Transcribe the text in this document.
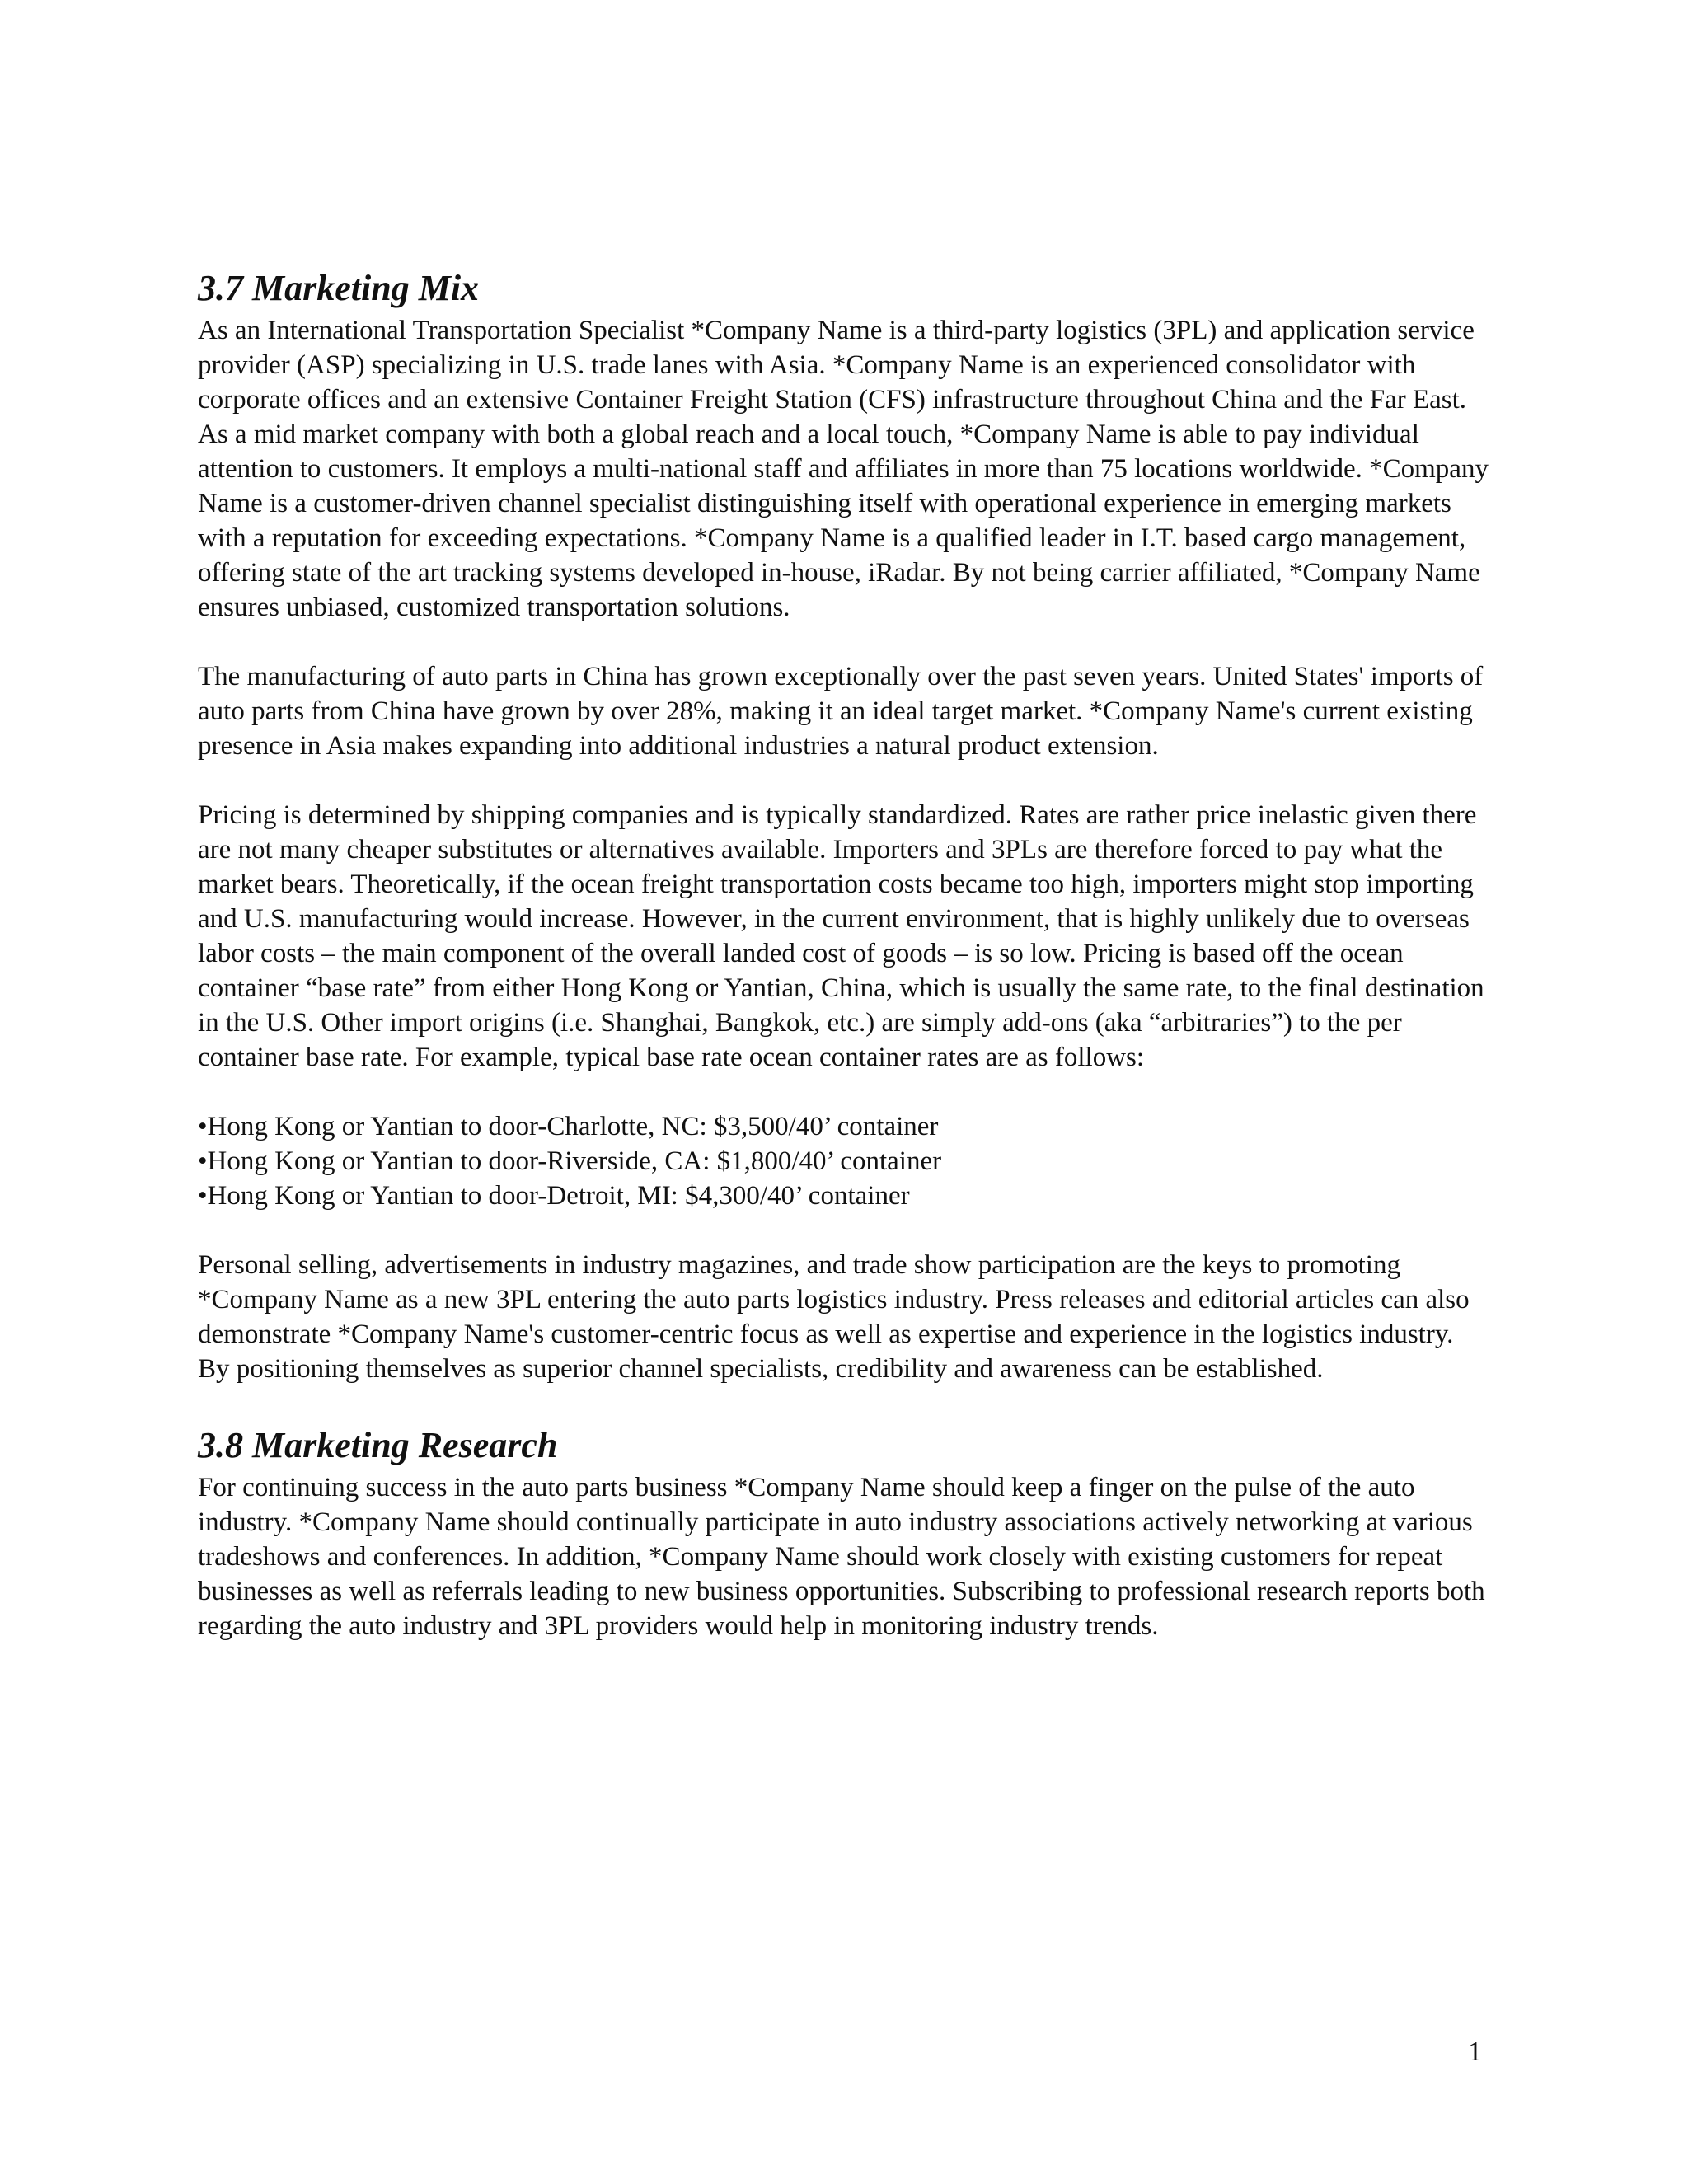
3.7 Marketing Mix

As an International Transportation Specialist *Company Name is a third-party logistics (3PL) and application service provider (ASP) specializing in U.S. trade lanes with Asia. *Company Name is an experienced consolidator with corporate offices and an extensive Container Freight Station (CFS) infrastructure throughout China and the Far East. As a mid market company with both a global reach and a local touch, *Company Name is able to pay individual attention to customers. It employs a multi-national staff and affiliates in more than 75 locations worldwide. *Company Name is a customer-driven channel specialist distinguishing itself with operational experience in emerging markets with a reputation for exceeding expectations. *Company Name is a qualified leader in I.T. based cargo management, offering state of the art tracking systems developed in-house, iRadar. By not being carrier affiliated, *Company Name ensures unbiased, customized transportation solutions.

The manufacturing of auto parts in China has grown exceptionally over the past seven years. United States' imports of auto parts from China have grown by over 28%, making it an ideal target market. *Company Name's current existing presence in Asia makes expanding into additional industries a natural product extension.

Pricing is determined by shipping companies and is typically standardized. Rates are rather price inelastic given there are not many cheaper substitutes or alternatives available. Importers and 3PLs are therefore forced to pay what the market bears. Theoretically, if the ocean freight transportation costs became too high, importers might stop importing and U.S. manufacturing would increase. However, in the current environment, that is highly unlikely due to overseas labor costs – the main component of the overall landed cost of goods – is so low. Pricing is based off the ocean container “base rate” from either Hong Kong or Yantian, China, which is usually the same rate, to the final destination in the U.S. Other import origins (i.e. Shanghai, Bangkok, etc.) are simply add-ons (aka “arbitraries”) to the per container base rate. For example, typical base rate ocean container rates are as follows:

•Hong Kong or Yantian to door-Charlotte, NC: $3,500/40’ container
•Hong Kong or Yantian to door-Riverside, CA: $1,800/40’ container
•Hong Kong or Yantian to door-Detroit, MI: $4,300/40’ container

Personal selling, advertisements in industry magazines, and trade show participation are the keys to promoting *Company Name as a new 3PL entering the auto parts logistics industry. Press releases and editorial articles can also demonstrate *Company Name's customer-centric focus as well as expertise and experience in the logistics industry. By positioning themselves as superior channel specialists, credibility and awareness can be established.

3.8 Marketing Research

For continuing success in the auto parts business *Company Name should keep a finger on the pulse of the auto industry. *Company Name should continually participate in auto industry associations actively networking at various tradeshows and conferences. In addition, *Company Name should work closely with existing customers for repeat businesses as well as referrals leading to new business opportunities. Subscribing to professional research reports both regarding the auto industry and 3PL providers would help in monitoring industry trends.

1
